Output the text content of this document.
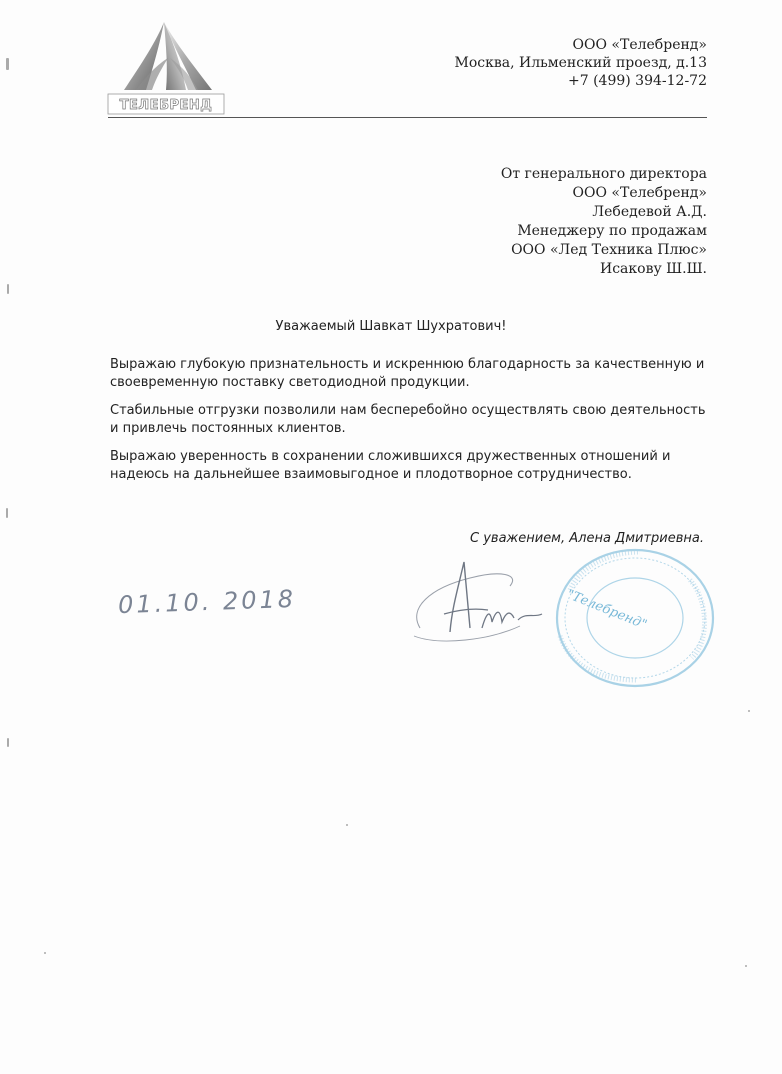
ТЕЛЕБРЕНД
ООО «Телебренд»
Москва, Ильменский проезд, д.13
+7 (499) 394-12-72
От генерального директора
ООО «Телебренд»
Лебедевой А.Д.
Менеджеру по продажам
ООО «Лед Техника Плюс»
Исакову Ш.Ш.
Уважаемый Шавкат Шухратович!

Выражаю глубокую признательность и искреннюю благодарность за качественную и своевременную поставку светодиодной продукции.

Стабильные отгрузки позволили нам бесперебойно осуществлять свою деятельность и привлечь постоянных клиентов.

Выражаю уверенность в сохранении сложившихся дружественных отношений и надеюсь на дальнейшее взаимовыгодное и плодотворное сотрудничество.

С уважением, Алена Дмитриевна.
01.10. 2018	"Телебренд"
